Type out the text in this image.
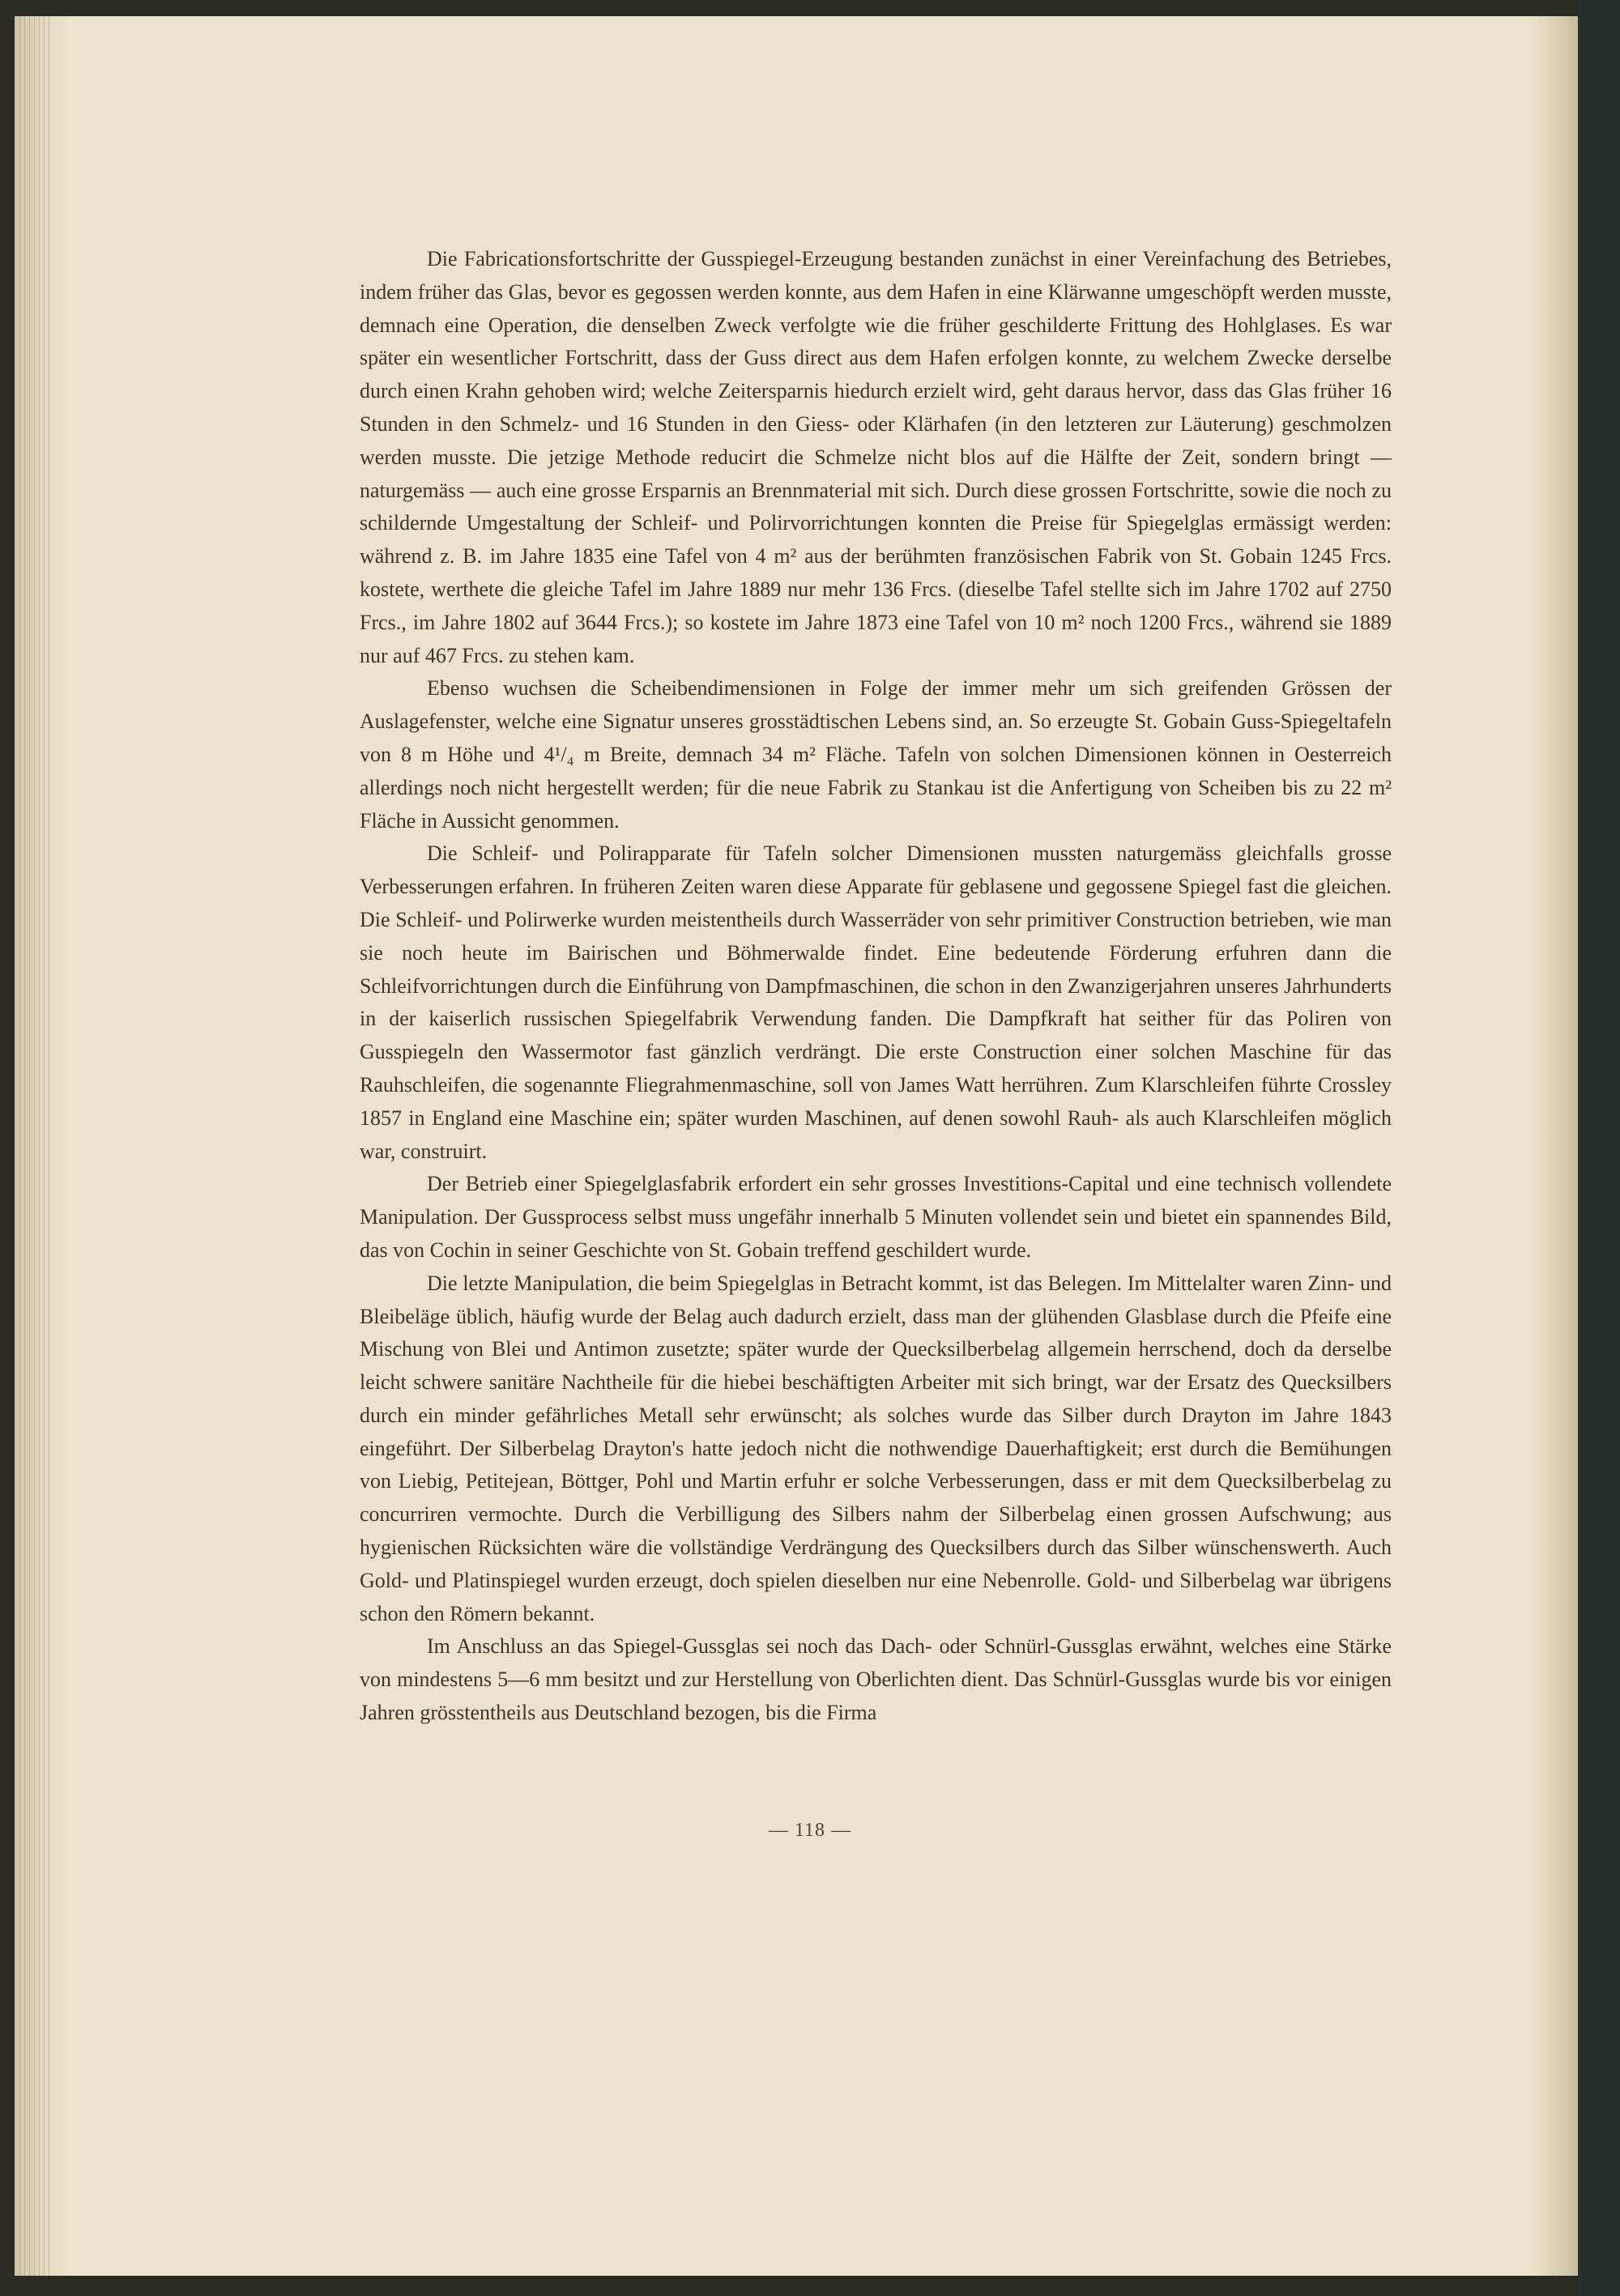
Die Fabricationsfortschritte der Gusspiegel-Erzeugung bestanden zunächst in einer Vereinfachung des Betriebes, indem früher das Glas, bevor es gegossen werden konnte, aus dem Hafen in eine Klärwanne umgeschöpft werden musste, demnach eine Operation, die denselben Zweck verfolgte wie die früher geschilderte Frittung des Hohlglases. Es war später ein wesentlicher Fortschritt, dass der Guss direct aus dem Hafen erfolgen konnte, zu welchem Zwecke derselbe durch einen Krahn gehoben wird; welche Zeitersparnis hiedurch erzielt wird, geht daraus hervor, dass das Glas früher 16 Stunden in den Schmelz- und 16 Stunden in den Giess- oder Klärhafen (in den letzteren zur Läuterung) geschmolzen werden musste. Die jetzige Methode reducirt die Schmelze nicht blos auf die Hälfte der Zeit, sondern bringt — naturgemäss — auch eine grosse Ersparnis an Brennmaterial mit sich. Durch diese grossen Fortschritte, sowie die noch zu schildernde Umgestaltung der Schleif- und Polirvorrichtungen konnten die Preise für Spiegelglas ermässigt werden: während z. B. im Jahre 1835 eine Tafel von 4 m² aus der berühmten französischen Fabrik von St. Gobain 1245 Frcs. kostete, werthete die gleiche Tafel im Jahre 1889 nur mehr 136 Frcs. (dieselbe Tafel stellte sich im Jahre 1702 auf 2750 Frcs., im Jahre 1802 auf 3644 Frcs.); so kostete im Jahre 1873 eine Tafel von 10 m² noch 1200 Frcs., während sie 1889 nur auf 467 Frcs. zu stehen kam.

Ebenso wuchsen die Scheibendimensionen in Folge der immer mehr um sich greifenden Grössen der Auslagefenster, welche eine Signatur unseres grosstädtischen Lebens sind, an. So erzeugte St. Gobain Guss-Spiegeltafeln von 8 m Höhe und 4¹/₄ m Breite, demnach 34 m² Fläche. Tafeln von solchen Dimensionen können in Oesterreich allerdings noch nicht hergestellt werden; für die neue Fabrik zu Stankau ist die Anfertigung von Scheiben bis zu 22 m² Fläche in Aussicht genommen.

Die Schleif- und Polirapparate für Tafeln solcher Dimensionen mussten naturgemäss gleichfalls grosse Verbesserungen erfahren. In früheren Zeiten waren diese Apparate für geblasene und gegossene Spiegel fast die gleichen. Die Schleif- und Polirwerke wurden meistentheils durch Wasserräder von sehr primitiver Construction betrieben, wie man sie noch heute im Bairischen und Böhmerwalde findet. Eine bedeutende Förderung erfuhren dann die Schleifvorrichtungen durch die Einführung von Dampfmaschinen, die schon in den Zwanzigerjahren unseres Jahrhunderts in der kaiserlich russischen Spiegelfabrik Verwendung fanden. Die Dampfkraft hat seither für das Poliren von Gusspiegeln den Wassermotor fast gänzlich verdrängt. Die erste Construction einer solchen Maschine für das Rauhschleifen, die sogenannte Fliegrahmenmaschine, soll von James Watt herrühren. Zum Klarschleifen führte Crossley 1857 in England eine Maschine ein; später wurden Maschinen, auf denen sowohl Rauh- als auch Klarschleifen möglich war, construirt.

Der Betrieb einer Spiegelglasfabrik erfordert ein sehr grosses Investitions-Capital und eine technisch vollendete Manipulation. Der Gussprocess selbst muss ungefähr innerhalb 5 Minuten vollendet sein und bietet ein spannendes Bild, das von Cochin in seiner Geschichte von St. Gobain treffend geschildert wurde.

Die letzte Manipulation, die beim Spiegelglas in Betracht kommt, ist das Belegen. Im Mittelalter waren Zinn- und Bleibeläge üblich, häufig wurde der Belag auch dadurch erzielt, dass man der glühenden Glasblase durch die Pfeife eine Mischung von Blei und Antimon zusetzte; später wurde der Quecksilberbelag allgemein herrschend, doch da derselbe leicht schwere sanitäre Nachtheile für die hiebei beschäftigten Arbeiter mit sich bringt, war der Ersatz des Quecksilbers durch ein minder gefährliches Metall sehr erwünscht; als solches wurde das Silber durch Drayton im Jahre 1843 eingeführt. Der Silberbelag Drayton's hatte jedoch nicht die nothwendige Dauerhaftigkeit; erst durch die Bemühungen von Liebig, Petitejean, Böttger, Pohl und Martin erfuhr er solche Verbesserungen, dass er mit dem Quecksilberbelag zu concurriren vermochte. Durch die Verbilligung des Silbers nahm der Silberbelag einen grossen Aufschwung; aus hygienischen Rücksichten wäre die vollständige Verdrängung des Quecksilbers durch das Silber wünschenswerth. Auch Gold- und Platinspiegel wurden erzeugt, doch spielen dieselben nur eine Nebenrolle. Gold- und Silberbelag war übrigens schon den Römern bekannt.

Im Anschluss an das Spiegel-Gussglas sei noch das Dach- oder Schnürl-Gussglas erwähnt, welches eine Stärke von mindestens 5—6 mm besitzt und zur Herstellung von Oberlichten dient. Das Schnürl-Gussglas wurde bis vor einigen Jahren grösstentheils aus Deutschland bezogen, bis die Firma

— 118 —
